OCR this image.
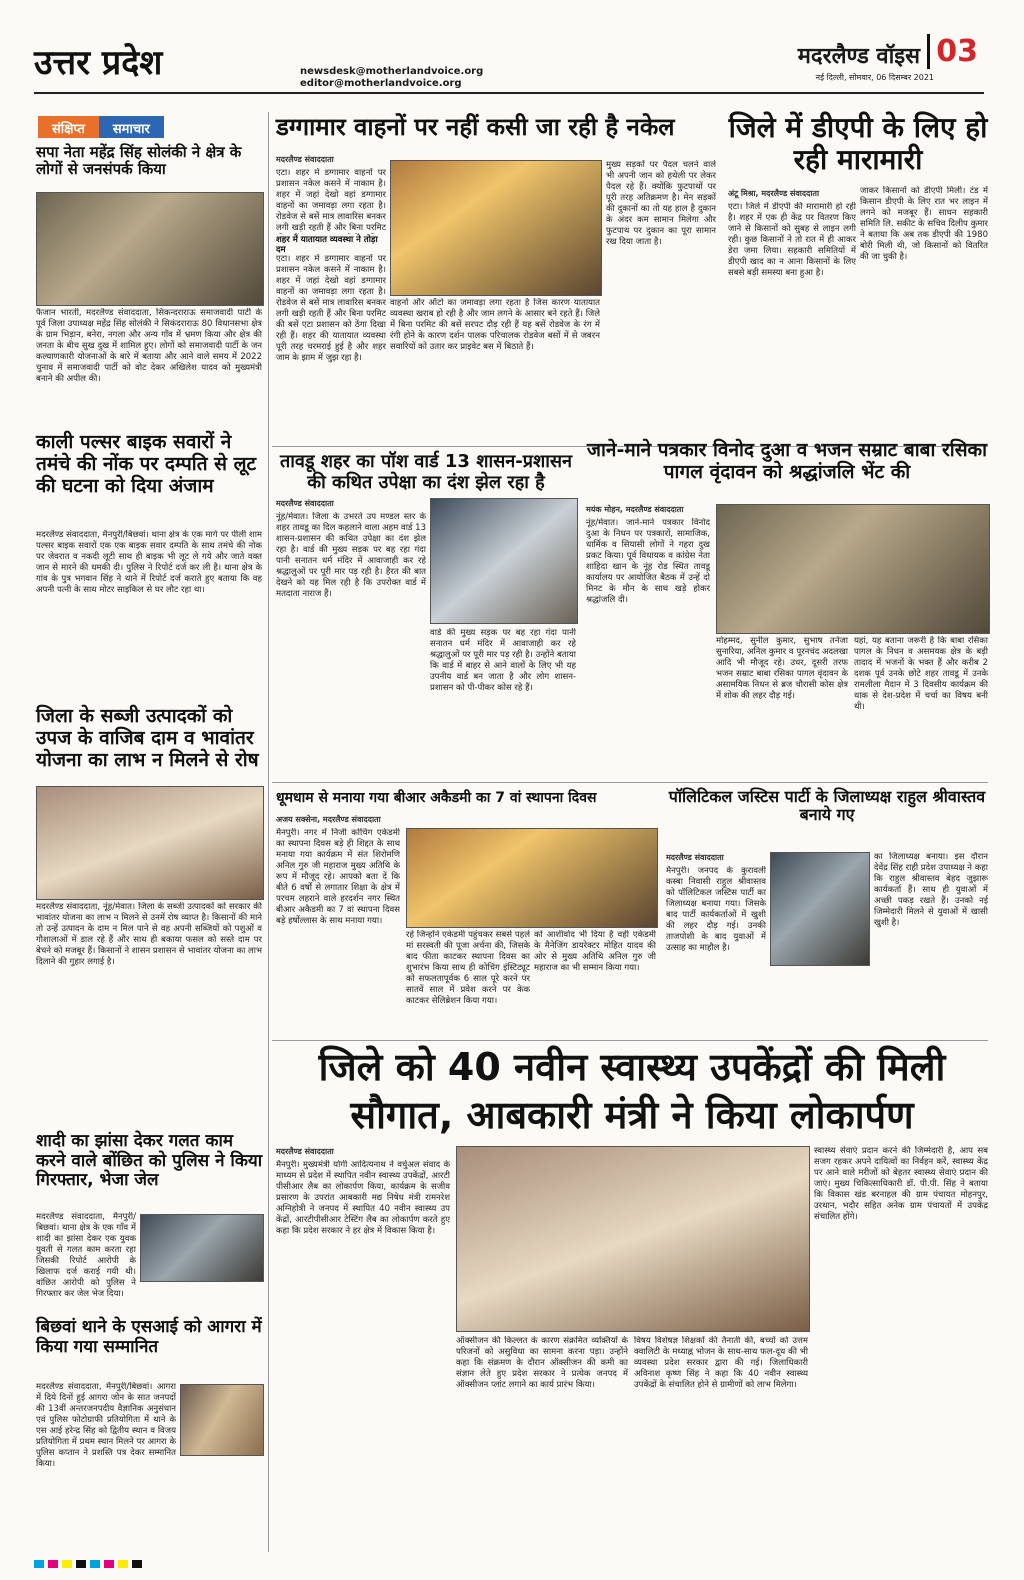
उत्तर प्रदेश	newsdesk@motherlandvoice.org
editor@motherlandvoice.org
मदरलैण्ड वॉइस 03
नई दिल्ली, सोमवार, 06 दिसम्बर 2021
संक्षिप्त	समाचार
सपा नेता महेंद्र सिंह सोलंकी ने क्षेत्र के लोगों से जनसंपर्क किया
फैजान भारती, मदरलैण्ड संवाददाता, सिकन्दराराऊ समाजवादी पार्टी के पूर्व जिला उपाध्यक्ष महेंद्र सिंह सोलंकी ने सिकंदराराऊ 80 विधानसभा क्षेत्र के ग्राम भिड़ान, बनेरा, नगला और अन्य गाँव में भ्रमण किया और क्षेत्र की जनता के बीच सुख दुख में शामिल हुए। लोगों को समाजवादी पार्टी के जन कल्याणकारी योजनाओं के बारे में बताया और आने वाले समय में 2022 चुनाव में समाजवादी पार्टी को वोट देकर अखिलेश यादव को मुख्यमंत्री बनाने की अपील की।
काली पल्सर बाइक सवारों ने तमंचे की नोंक पर दम्पति से लूट की घटना को दिया अंजाम
मदरलैण्ड संवाददाता, मैनपुरी/बिछवां। थाना क्षेत्र के एक मार्ग पर पीली शाम पल्सर बाइक सवारों एक एक बाइक सवार दम्पति के साथ तमंचे की नोक पर जेवरात व नकदी लूटी साथ ही बाइक भी लूट ले गये और जाते वक्त जान से मारने की धमकी दी। पुलिस ने रिपोर्ट दर्ज कर ली है। थाना क्षेत्र के गांव के पुत्र भगवान सिंह ने थाने में रिपोर्ट दर्ज कराते हुए बताया कि वह अपनी पत्नी के साथ मोटर साइकिल से घर लौट रहा था।
जिला के सब्जी उत्पादकों को उपज के वाजिब दाम व भावांतर योजना का लाभ न मिलने से रोष
मदरलैण्ड संवाददाता, नूंह/मेवात। जिला के सब्जी उत्पादकों को सरकार की भावांतर योजना का लाभ न मिलने से उनमें रोष व्याप्त है। किसानों की माने तो उन्हें उत्पादन के दाम न मिल पाने से वह अपनी सब्जियों को पशुओं व गौशालाओं में डाल रहे हैं और साथ ही बकाया फसल को सस्ते दाम पर बेचने को मजबूर हैं। किसानों ने शासन प्रशासन से भावांतर योजना का लाभ दिलाने की गुहार लगाई है।
शादी का झांसा देकर गलत काम करने वाले बोंछित को पुलिस ने किया गिरफ्तार, भेजा जेल
मदरलैण्ड संवाददाता, मैनपुरी/बिछवां। थाना क्षेत्र के एक गाँव में शादी का झांसा देकर एक युवक युवती से गलत काम करता रहा जिसकी रिपोर्ट आरोपी के खिलाफ दर्ज कराई गयी थी। वांछित आरोपी को पुलिस ने गिरफ्तार कर जेल भेज दिया।
बिछवां थाने के एसआई को आगरा में किया गया सम्मानित
मदरलैण्ड संवाददाता, मैनपुरी/बिछवां। आगरा में दिये दिनों हुई आगरा जोन के सात जनपदों की 13वीं अन्तरजनपदीय वैज्ञानिक अनुसंधान एवं पुलिस फोटोग्राफी प्रतियोगिता में थाने के एस आई हरेन्द्र सिंह को द्वितीय स्थान व विजय प्रतियोगिता में प्रथम स्थान मिलने पर आगरा के पुलिस कप्तान ने प्रशस्ति पत्र देकर सम्मानित किया।
डग्गामार वाहनों पर नहीं कसी जा रही है नकेल
मदरलैण्ड संवाददाता
एटा। शहर में डग्गामार वाहनों पर प्रशासन नकेल कसने में नाकाम है। शहर में जहां देखो वहां डग्गामार वाहनों का जमावड़ा लगा रहता है। रोडवेज से बसें मात्र लावारिस बनकर लगी खड़ी रहती हैं और बिना परमिट
शहर में यातायात व्यवस्था ने तोड़ा दम
एटा। शहर में डग्गामार वाहनों पर प्रशासन नकेल कसने में नाकाम है। शहर में जहां देखो वहां डग्गामार वाहनों का जमावड़ा लगा रहता है। रोडवेज से बसें मात्र लावारिस बनकर लगी खड़ी रहती हैं और बिना परमिट की बसें एटा प्रशासन को ठेंगा दिखा रही हैं। शहर की यातायात व्यवस्था पूरी तरह चरमराई हुई है और शहर जाम के झाम में जुझ रहा है।
वाहनों और ऑटो का जमावड़ा लगा रहता है जिस कारण यातायात व्यवस्था खराब हो रही है और जाम लगने के आसार बने रहते हैं। जिले में बिना परमिट की बसें सरपट दौड़ रही हैं यह बसें रोडवेज के रंग में रंगी होने के कारण दर्शन पालक परिचालक रोडवेज बसों में से जबरन सवारियों को उतार कर प्राइवेट बस में बिठाते हैं।
मुख्य सड़कों पर पैदल चलने वाले भी अपनी जान को हथेली पर लेकर पैदल रहे हैं। क्योंकि फुटपाथों पर पूरी तरह अतिक्रमण है। मेन सड़कों की दुकानों का तो यह हाल है दुकान के अंदर कम सामान मिलेगा और फुटपाथ पर दुकान का पूरा सामान रख दिया जाता है।
जिले में डीएपी के लिए हो रही मारामारी
अंटू मिश्रा, मदरलैण्ड संवाददाता
एटा। जिले में डीएपी की मारामारी हो रही है। शहर में एक ही केंद्र पर वितरण किए जाने से किसानों को सुबह से लाइन लगी रही। कुछ किसानों ने तो रात में ही आकर डेरा जमा लिया। सहकारी समितियों में डीएपी खाद का न आना किसानों के लिए सबसे बड़ी समस्या बना हुआ है।
जाकर किसानों को डीएपी मिली। टंड में किसान डीएपी के लिए रात भर लाइन में लगने को मजबूर हैं। साधन सहकारी समिति लि. सकीट के सचिव दिलीप कुमार ने बताया कि अब तक डीएपी की 1980 बोरी मिली थी, जो किसानों को वितरित की जा चुकी है।
तावडू शहर का पॉश वार्ड 13 शासन-प्रशासन की कथित उपेक्षा का दंश झेल रहा है
मदरलैण्ड संवाददाता
नूंह/मेवात। जिला के उभरते उप मण्डल स्तर के शहर तावडू का दिल कहलाने वाला अहम वार्ड 13 शासन-प्रशासन की कथित उपेक्षा का दंश झेल रहा है। वार्ड की मुख्य सड़क पर बह रहा गंदा पानी सनातन धर्म मंदिर में आवाजाही कर रहे श्रद्धालुओं पर पूरी मार पड़ रही है। हैरत की बात देखने को यह मिल रही है कि उपरोक्त वार्ड में मतदाता नाराज हैं।
वार्ड की मुख्य सड़क पर बह रहा गंदा पानी सनातन धर्म मंदिर में आवाजाही कर रहे श्रद्धालुओं पर पूरी मार पड़ रही है। उन्होंने बताया कि वार्ड में बाहर से आने वालों के लिए भी यह उपनीय वार्ड बन जाता है और लोग शासन-प्रशासन को पी-पीकर कोस रहे हैं।
जाने-माने पत्रकार विनोद दुआ व भजन सम्राट बाबा रसिका पागल वृंदावन को श्रद्धांजलि भेंट की
मयंक मोहन, मदरलैण्ड संवाददाता
नूंह/मेवात। जाने-माने पत्रकार विनोद दुआ के निधन पर पत्रकारों, सामाजिक, धार्मिक व सियासी लोगों ने गहरा दुख प्रकट किया। पूर्व विधायक व कांग्रेस नेता शाहिदा खान के नूंह रोड स्थित तावडू कार्यालय पर आयोजित बैठक में उन्हें दो मिनट के मौन के साथ खड़े होकर श्रद्धांजलि दी।
मोहम्मद, सुनील कुमार, सुभाष तनेजा सुनारिया, अनिल कुमार व पूरनचंद अदलखा आदि भी मौजूद रहे। उधर, दूसरी तरफ भजन सम्राट बाबा रसिका पागल वृंदावन के असामयिक निधन से ब्रज चौरासी कोस क्षेत्र में शोक की लहर दौड़ गई।
यहां, यह बताना जरूरी है कि बाबा रसिका पागल के निधन व असमयक क्षेत्र के बड़ी तादाद में भजनों के भक्त हैं और करीब 2 दशक पूर्व उनके छोटे शहर तावडू में उनके रामलीला मैदान में 3 दिवसीय कार्यक्रम की धाक से देश-प्रदेश में चर्चा का विषय बनी थी।
धूमधाम से मनाया गया बीआर अकैडमी का 7 वां स्थापना दिवस
अजय सक्सेना, मदरलैण्ड संवाददाता
मैनपुरी। नगर में निजी कोचिंग एकेडमी का स्थापना दिवस बड़े ही शिद्दत के साथ मनाया गया कार्यक्रम में संत शिरोमणि अनिल गुरु जी महाराज मुख्य अतिथि के रूप में मौजूद रहे। आपको बता दें कि बीते 6 वर्षों से लगातार शिक्षा के क्षेत्र में परचम लहराने वाले हरदर्शन नगर स्थित बीआर अकैडमी का 7 वां स्थापना दिवस बड़े हर्षोल्लास के साथ मनाया गया।
रहे जिन्होंने एकेडमी पहुंचकर सबसे पहले मां सरस्वती की पूजा अर्चना की, जिसके बाद फीता काटकर स्थापना दिवस का शुभारंभ किया साथ ही कोचिंग इंस्टिट्यूट को सफलतापूर्वक 6 साल पूरे करने पर सातवें साल में प्रवेश करने पर केक काटकर सेलिब्रेशन किया गया।
को आशीर्वाद भी दिया है वही एकेडमी के मैनेजिंग डायरेक्टर मोहित यादव की ओर से मुख्य अतिथि अनिल गुरु जी महाराज का भी सम्मान किया गया।
पॉलिटिकल जस्टिस पार्टी के जिलाध्यक्ष राहुल श्रीवास्तव बनाये गए
मदरलैण्ड संवाददाता
मैनपुरी। जनपद के कुरावली कस्बा निवासी राहुल श्रीवास्तव को पॉलिटिकल जस्टिस पार्टी का जिलाध्यक्ष बनाया गया। जिसके बाद पार्टी कार्यकर्ताओं में खुशी की लहर दौड़ गई। उनकी ताजपोशी के बाद युवाओं में उत्साह का माहौल है।
का जिलाध्यक्ष बनाया। इस दौरान देवेंद्र सिंह राही प्रदेश उपाध्यक्ष ने कहा कि राहुल श्रीवास्तव बेहद जुझारू कार्यकर्ता हैं। साथ ही युवाओं में अच्छी पकड़ रखते हैं। उनको नई जिम्मेदारी मिलने से युवाओं में खासी खुशी है।
जिले को 40 नवीन स्वास्थ्य उपकेंद्रों की मिली सौगात, आबकारी मंत्री ने किया लोकार्पण
मदरलैण्ड संवाददाता
मैनपुरी। मुख्यमंत्री योगी आदित्यनाथ ने वर्चुअल संवाद के माध्यम से प्रदेश में स्थापित नवीन स्वास्थ्य उपकेंद्रों, आरटी पीसीआर लैब का लोकार्पण किया, कार्यक्रम के सजीव प्रसारण के उपरांत आबकारी मद्य निषेध मंत्री रामनरेश अग्निहोत्री ने जनपद में स्थापित 40 नवीन स्वास्थ्य उप केंद्रों, आरटीपीसीआर टेस्टिंग लैब का लोकार्पण करते हुए कहा कि प्रदेश सरकार ने हर क्षेत्र में विकास किया है।
ऑक्सीजन की किल्लत के कारण संक्रमित व्यक्तियों के परिजनों को असुविधा का सामना करना पड़ा। उन्होंने कहा कि संक्रमण के दौरान ऑक्सीजन की कमी का संज्ञान लेते हुए प्रदेश सरकार ने प्रत्येक जनपद में ऑक्सीजन प्लांट लगाने का कार्य प्रारंभ किया।
विषय विशेषज्ञ शिक्षकों की तैनाती की, बच्चों को उत्तम क्वालिटी के मध्याह्न भोजन के साथ-साथ फल-दूध की भी व्यवस्था प्रदेश सरकार द्वारा की गई। जिलाधिकारी अविनाश कृष्ण सिंह ने कहा कि 40 नवीन स्वास्थ्य उपकेंद्रों के संचालित होने से ग्रामीणों को लाभ मिलेगा।
स्वास्थ्य सेवाएं प्रदान करने की जिम्मेदारी है, आप सब सजग रहकर अपने दायित्वों का निर्वहन करें, स्वास्थ्य केंद्र पर आने वाले मरीजों को बेहतर स्वास्थ्य सेवाएं प्रदान की जाएं। मुख्य चिकित्साधिकारी डॉ. पी.पी. सिंह ने बताया कि विकास खंड बरनाहल की ग्राम पंचायत मोहनपुर, उरथान, भदौर सहित अनेक ग्राम पंचायतों में उपकेंद्र संचालित होंगे।
